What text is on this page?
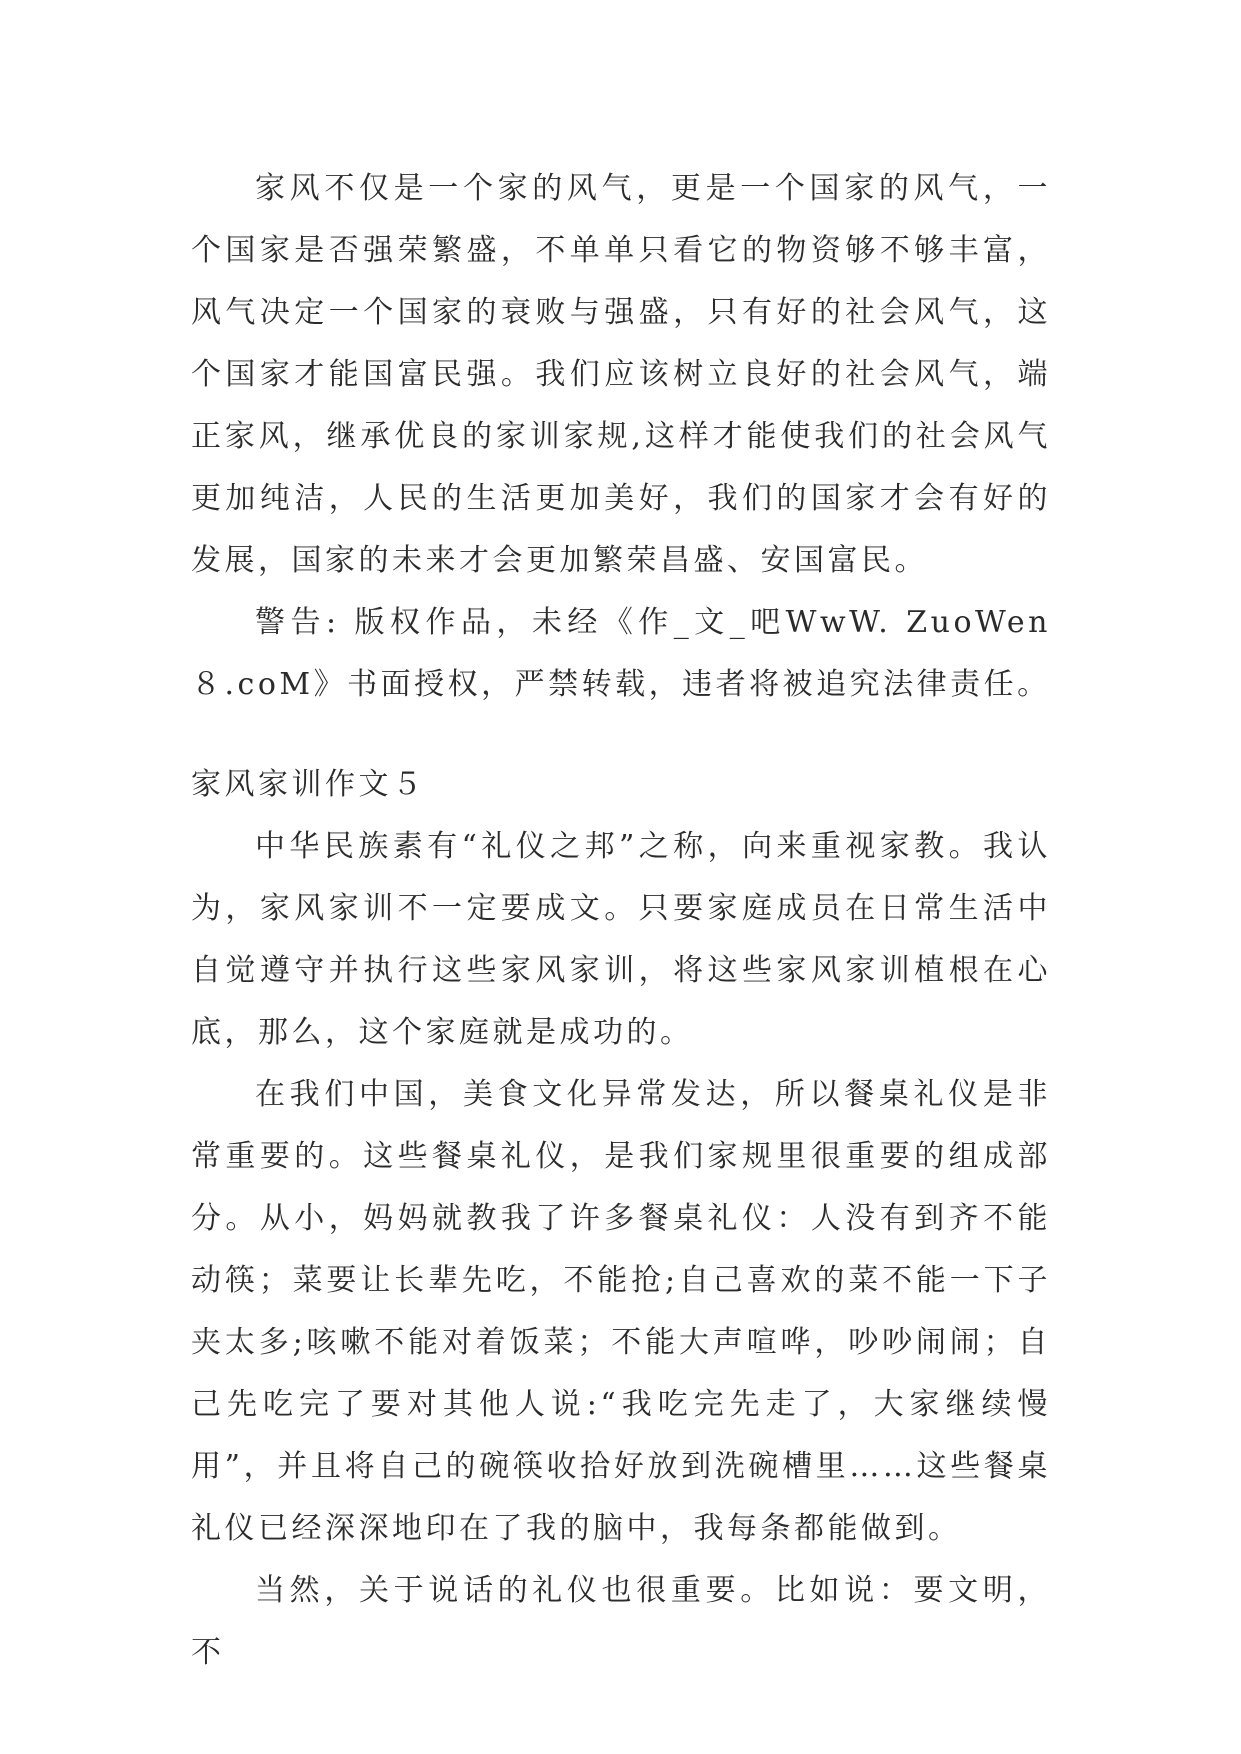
家风不仅是一个家的风气，更是一个国家的风气，一个国家是否强荣繁盛，不单单只看它的物资够不够丰富，风气决定一个国家的衰败与强盛，只有好的社会风气，这个国家才能国富民强。我们应该树立良好的社会风气，端正家风，继承优良的家训家规,这样才能使我们的社会风气更加纯洁，人民的生活更加美好，我们的国家才会有好的发展，国家的未来才会更加繁荣昌盛、安国富民。

警告: 版权作品，未经《作_文_吧WwW. ZuoWen８.coM》书面授权，严禁转载，违者将被追究法律责任。

家风家训作文５

中华民族素有“礼仪之邦”之称，向来重视家教。我认为，家风家训不一定要成文。只要家庭成员在日常生活中自觉遵守并执行这些家风家训，将这些家风家训植根在心底，那么，这个家庭就是成功的。

在我们中国，美食文化异常发达，所以餐桌礼仪是非常重要的。这些餐桌礼仪，是我们家规里很重要的组成部分。从小，妈妈就教我了许多餐桌礼仪：人没有到齐不能动筷；菜要让长辈先吃，不能抢;自己喜欢的菜不能一下子夹太多;咳嗽不能对着饭菜；不能大声喧哗，吵吵闹闹；自己先吃完了要对其他人说:“我吃完先走了，大家继续慢用”，并且将自己的碗筷收拾好放到洗碗槽里……这些餐桌礼仪已经深深地印在了我的脑中，我每条都能做到。

当然，关于说话的礼仪也很重要。比如说：要文明，不
